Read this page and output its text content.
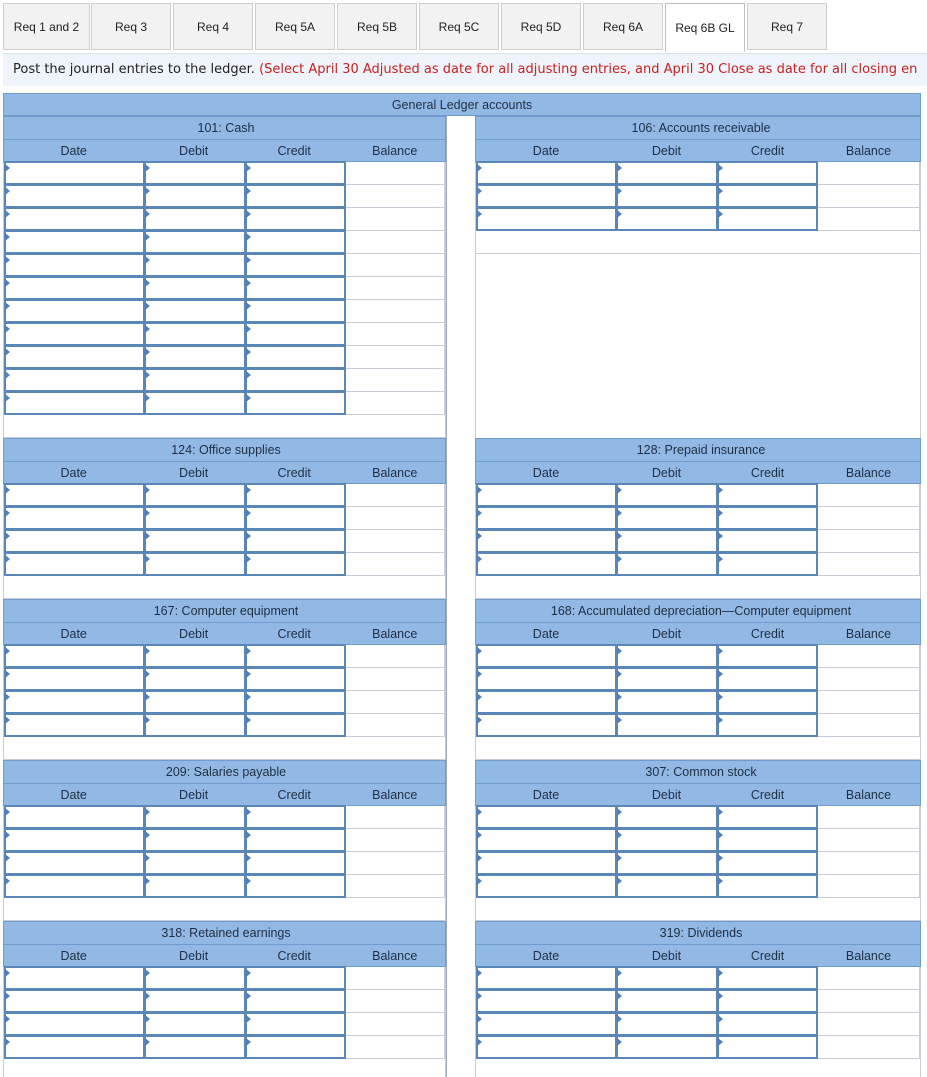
Req 1 and 2	Req 3	Req 4	Req 5A	Req 5B	Req 5C	Req 5D	Req 6A	Req 6B GL	Req 7
Post the journal entries to the ledger. (Select April 30 Adjusted as date for all adjusting entries, and April 30 Close as date for all closing en
General Ledger accounts
101: Cash
Date	Debit	Credit	Balance
106: Accounts receivable
Date	Debit	Credit	Balance
124: Office supplies
Date	Debit	Credit	Balance
128: Prepaid insurance
Date	Debit	Credit	Balance
167: Computer equipment
Date	Debit	Credit	Balance
168: Accumulated depreciation—Computer equipment
Date	Debit	Credit	Balance
209: Salaries payable
Date	Debit	Credit	Balance
307: Common stock
Date	Debit	Credit	Balance
318: Retained earnings
Date	Debit	Credit	Balance
319: Dividends
Date	Debit	Credit	Balance
